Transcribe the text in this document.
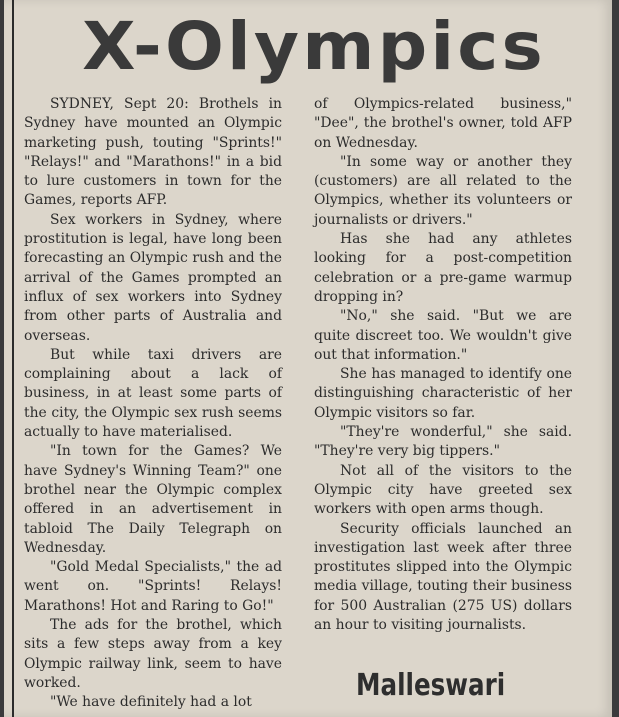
X-Olympics

SYDNEY, Sept 20: Brothels in Sydney have mounted an Olympic marketing push, touting "Sprints!" "Relays!" and "Marathons!" in a bid to lure customers in town for the Games, reports AFP.

Sex workers in Sydney, where prostitution is legal, have long been forecasting an Olympic rush and the arrival of the Games prompted an influx of sex workers into Sydney from other parts of Australia and overseas.

But while taxi drivers are complaining about a lack of business, in at least some parts of the city, the Olympic sex rush seems actually to have materialised.

"In town for the Games? We have Sydney's Winning Team?" one brothel near the Olympic complex offered in an advertisement in tabloid The Daily Telegraph on Wednesday.

"Gold Medal Specialists," the ad went on. "Sprints! Relays! Marathons! Hot and Raring to Go!"

The ads for the brothel, which sits a few steps away from a key Olympic railway link, seem to have worked.

"We have definitely had a lot

of Olympics-related business," "Dee", the brothel's owner, told AFP on Wednesday.

"In some way or another they (customers) are all related to the Olympics, whether its volunteers or journalists or drivers."

Has she had any athletes looking for a post-competition celebration or a pre-game warmup dropping in?

"No," she said. "But we are quite discreet too. We wouldn't give out that information."

She has managed to identify one distinguishing characteristic of her Olympic visitors so far.

"They're wonderful," she said. "They're very big tippers."

Not all of the visitors to the Olympic city have greeted sex workers with open arms though.

Security officials launched an investigation last week after three prostitutes slipped into the Olympic media village, touting their business for 500 Australian (275 US) dollars an hour to visiting journalists.

Malleswari
